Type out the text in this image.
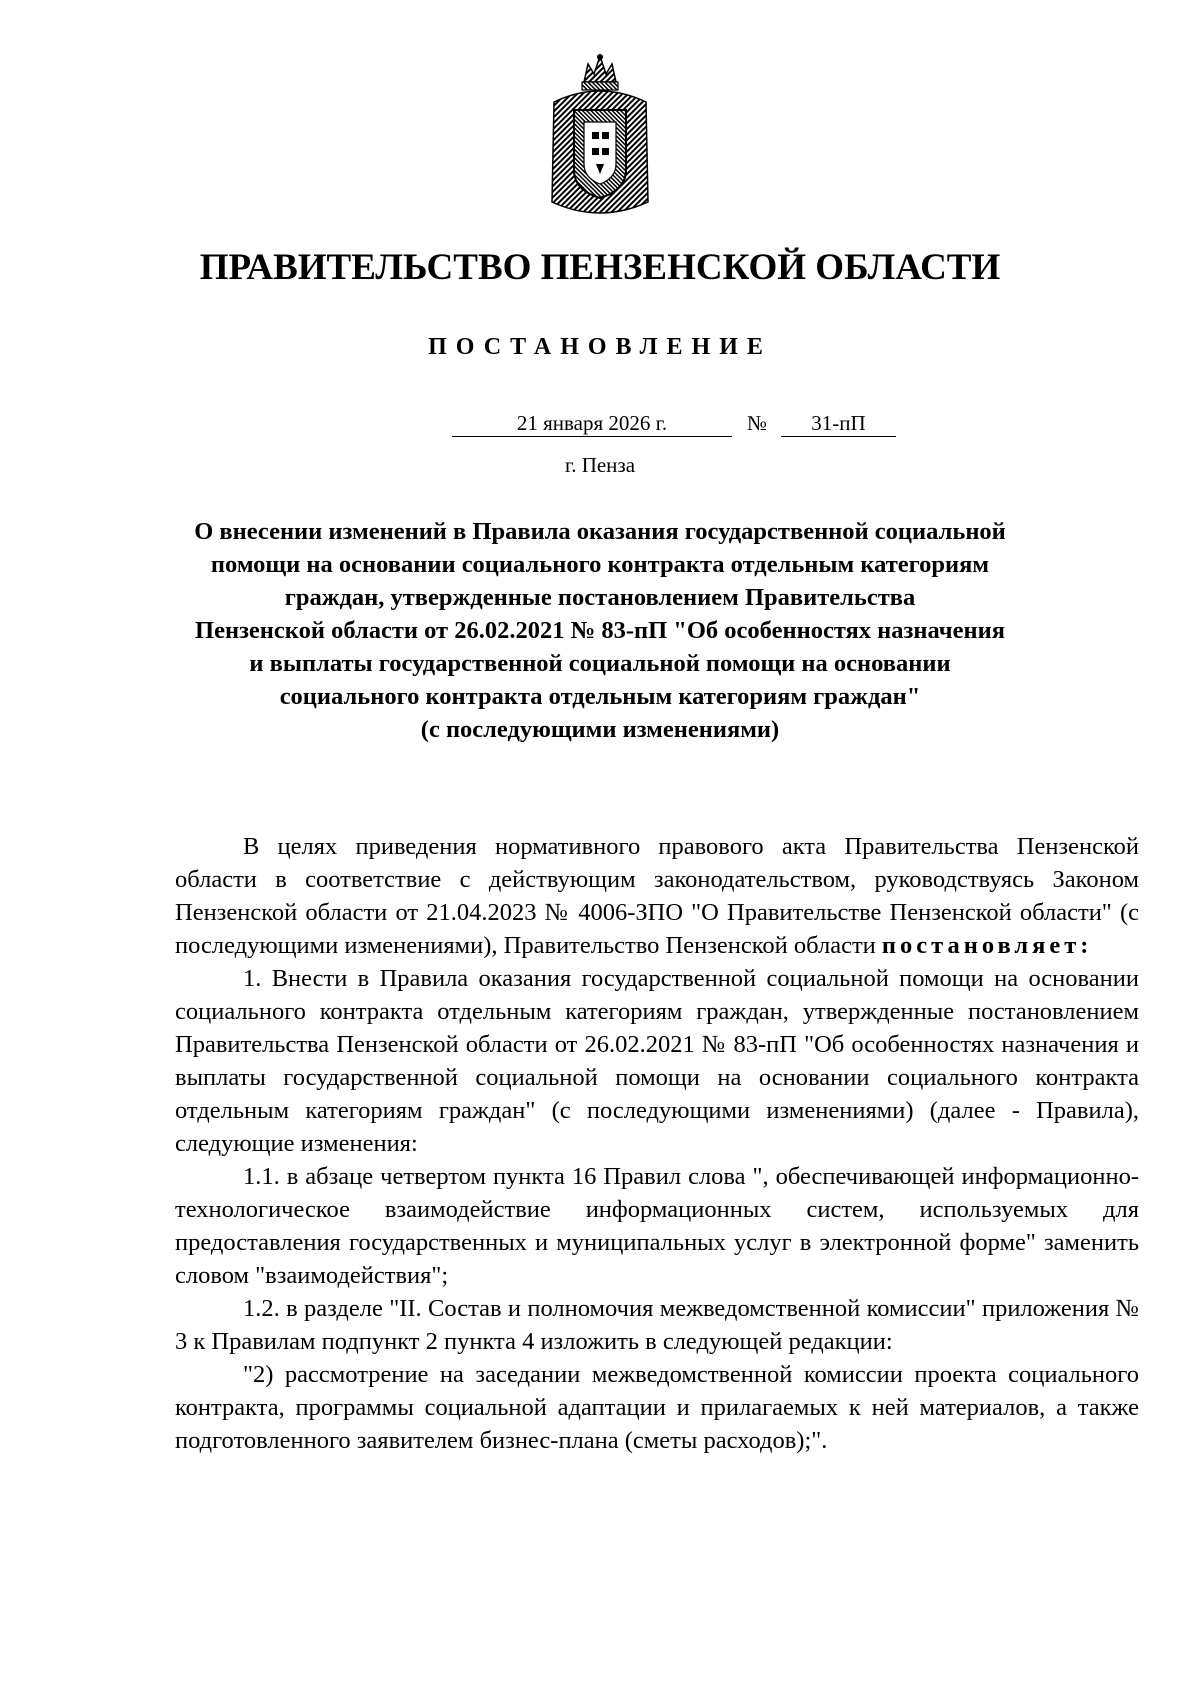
ПРАВИТЕЛЬСТВО ПЕНЗЕНСКОЙ ОБЛАСТИ
ПОСТАНОВЛЕНИЕ
21 января 2026 г.	№	31-пП
г. Пенза
О внесении изменений в Правила оказания государственной социальной
помощи на основании социального контракта отдельным категориям
граждан, утвержденные постановлением Правительства
Пензенской области от 26.02.2021 № 83-пП "Об особенностях назначения
и выплаты государственной социальной помощи на основании
социального контракта отдельным категориям граждан"
(с последующими изменениями)

В целях приведения нормативного правового акта Правительства Пензенской области в соответствие с действующим законодательством, руководствуясь Законом Пензенской области от 21.04.2023 № 4006-ЗПО "О Правительстве Пензенской области" (с последующими изменениями), Правительство Пензенской области постановляет:

1. Внести в Правила оказания государственной социальной помощи на основании социального контракта отдельным категориям граждан, утвержденные постановлением Правительства Пензенской области от 26.02.2021 № 83-пП "Об особенностях назначения и выплаты государственной социальной помощи на основании социального контракта отдельным категориям граждан" (с последующими изменениями) (далее - Правила), следующие изменения:

1.1. в абзаце четвертом пункта 16 Правил слова ", обеспечивающей информационно-технологическое взаимодействие информационных систем, используемых для предоставления государственных и муниципальных услуг в электронной форме" заменить словом "взаимодействия";

1.2. в разделе "II. Состав и полномочия межведомственной комиссии" приложения № 3 к Правилам подпункт 2 пункта 4 изложить в следующей редакции:

"2) рассмотрение на заседании межведомственной комиссии проекта социального контракта, программы социальной адаптации и прилагаемых к ней материалов, а также подготовленного заявителем бизнес-плана (сметы расходов);".
